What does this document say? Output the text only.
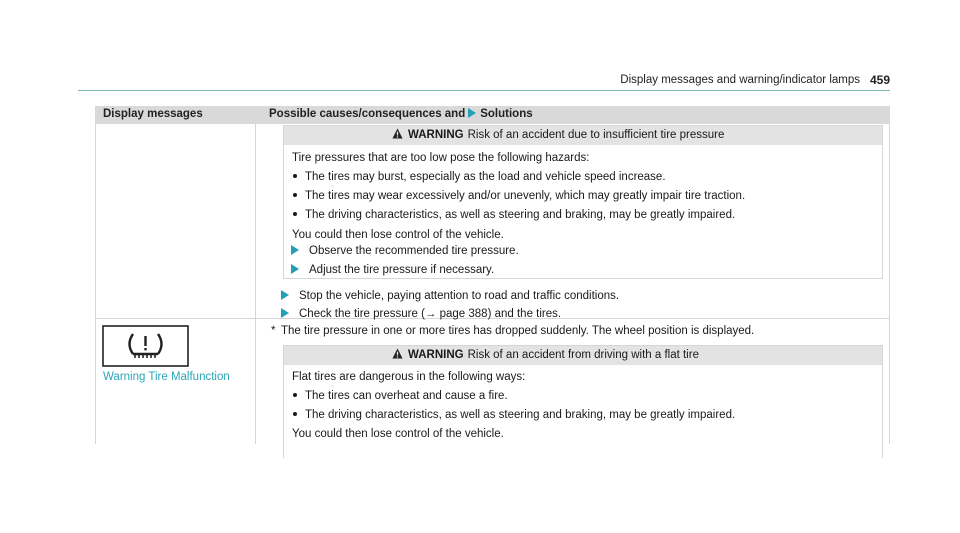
Display messages and warning/indicator lamps 459
Display messages	Possible causes/consequences and Solutions
WARNING Risk of an accident due to insufficient tire pressure
Tire pressures that are too low pose the following hazards:
The tires may burst, especially as the load and vehicle speed increase.
The tires may wear excessively and/or unevenly, which may greatly impair tire traction.
The driving characteristics, as well as steering and braking, may be greatly impaired.
You could then lose control of the vehicle.
Observe the recommended tire pressure.
Adjust the tire pressure if necessary.
Stop the vehicle, paying attention to road and traffic conditions.
Check the tire pressure (→ page 388) and the tires.
Warning Tire Malfunction
* The tire pressure in one or more tires has dropped suddenly. The wheel position is displayed.
WARNING Risk of an accident from driving with a flat tire
Flat tires are dangerous in the following ways:
The tires can overheat and cause a fire.
The driving characteristics, as well as steering and braking, may be greatly impaired.
You could then lose control of the vehicle.
